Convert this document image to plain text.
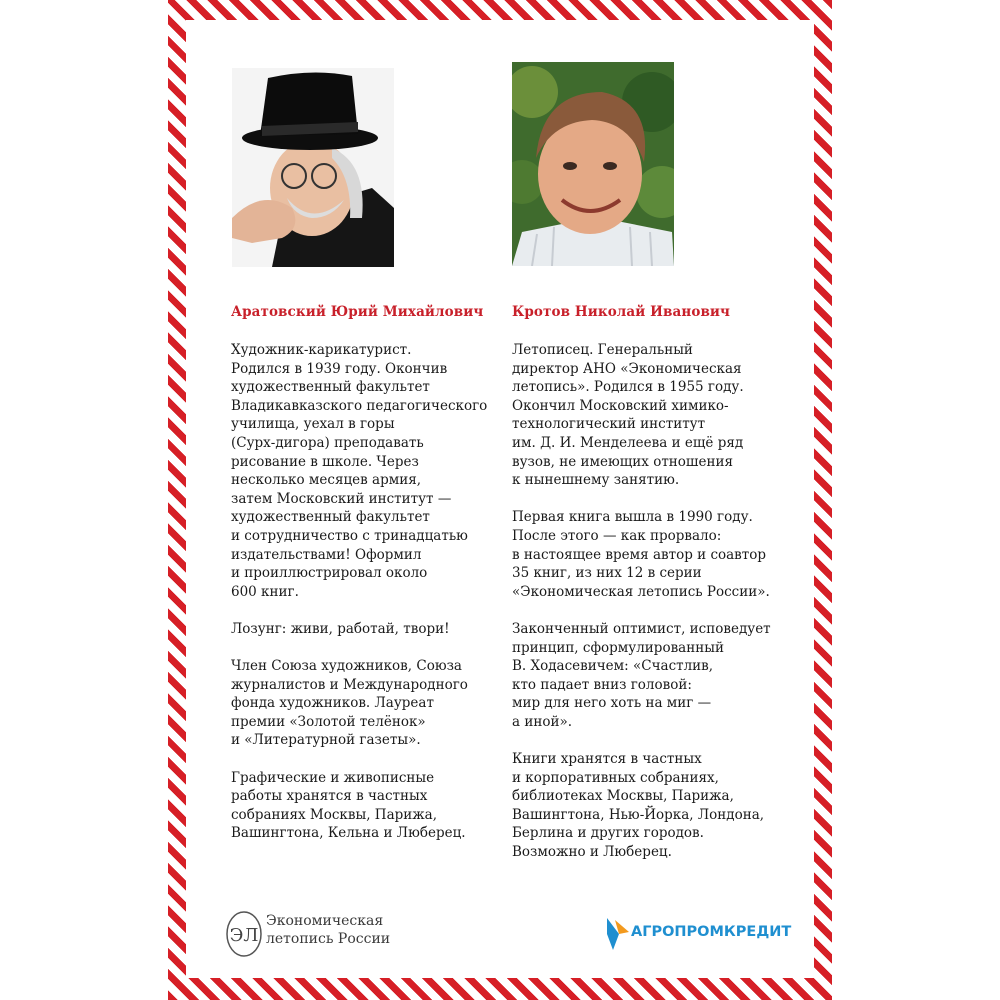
Аратовский Юрий Михайлович Кротов Николай Иванович

Художник-карикатурист.
Родился в 1939 году. Окончив
художественный факультет
Владикавказского педагогического
училища, уехал в горы
(Сурх-дигора) преподавать
рисование в школе. Через
несколько месяцев армия,
затем Московский институт —
художественный факультет
и сотрудничество с тринадцатью
издательствами! Оформил
и проиллюстрировал около
600 книг.

Лозунг: живи, работай, твори!

Член Союза художников, Союза
журналистов и Международного
фонда художников. Лауреат
премии «Золотой телёнок»
и «Литературной газеты».

Графические и живописные
работы хранятся в частных
собраниях Москвы, Парижа,
Вашингтона, Кельна и Люберец.

Летописец. Генеральный
директор АНО «Экономическая
летопись». Родился в 1955 году.
Окончил Московский химико-
технологический институт
им. Д. И. Менделеева и ещё ряд
вузов, не имеющих отношения
к нынешнему занятию.

Первая книга вышла в 1990 году.
После этого — как прорвало:
в настоящее время автор и соавтор
35 книг, из них 12 в серии
«Экономическая летопись России».

Законченный оптимист, исповедует
принцип, сформулированный
В. Ходасевичем: «Счастлив,
кто падает вниз головой:
мир для него хоть на миг —
а иной».

Книги хранятся в частных
и корпоративных собраниях,
библиотеках Москвы, Парижа,
Вашингтона, Нью-Йорка, Лондона,
Берлина и других городов.
Возможно и Люберец.

ЭЛ
Экономическая
летопись России	АГРОПРОМКРЕДИТ
